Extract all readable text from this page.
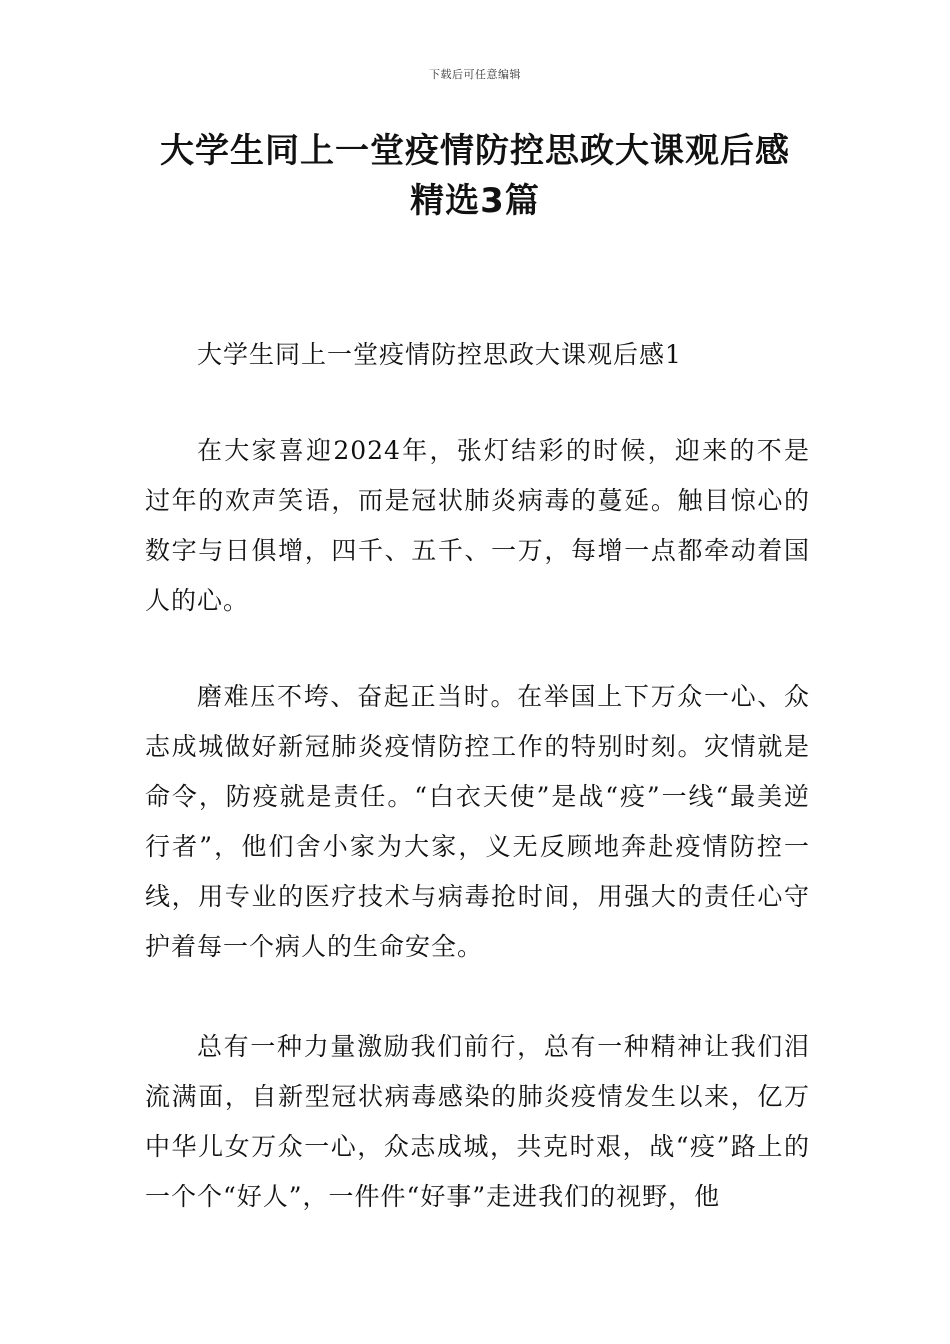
下载后可任意编辑
大学生同上一堂疫情防控思政大课观后感
精选3篇
大学生同上一堂疫情防控思政大课观后感1

在大家喜迎2024年，张灯结彩的时候，迎来的不是过年的欢声笑语，而是冠状肺炎病毒的蔓延。触目惊心的数字与日俱增，四千、五千、一万，每增一点都牵动着国人的心。

磨难压不垮、奋起正当时。在举国上下万众一心、众志成城做好新冠肺炎疫情防控工作的特别时刻。灾情就是命令，防疫就是责任。“白衣天使”是战“疫”一线“最美逆行者”，他们舍小家为大家，义无反顾地奔赴疫情防控一线，用专业的医疗技术与病毒抢时间，用强大的责任心守护着每一个病人的生命安全。

总有一种力量激励我们前行，总有一种精神让我们泪流满面，自新型冠状病毒感染的肺炎疫情发生以来，亿万中华儿女万众一心，众志成城，共克时艰，战“疫”路上的一个个“好人”，一件件“好事”走进我们的视野，他
